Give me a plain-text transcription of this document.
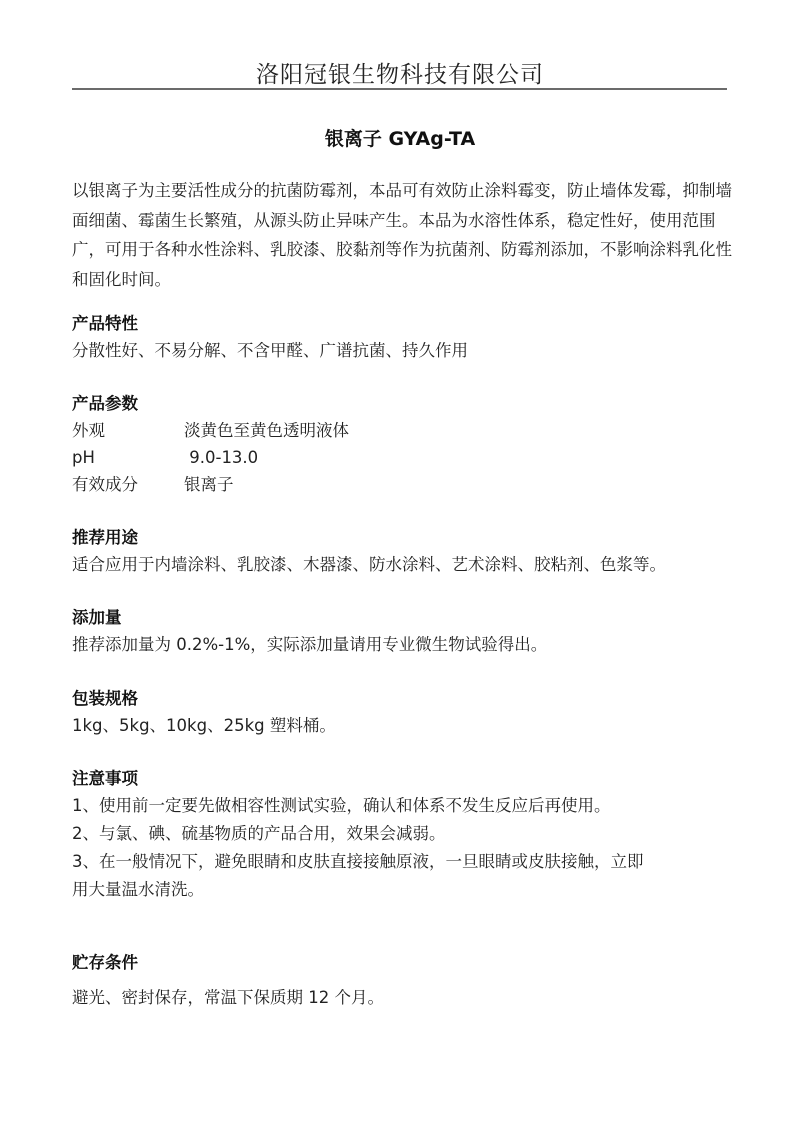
洛阳冠银生物科技有限公司
银离子 GYAg-TA
以银离子为主要活性成分的抗菌防霉剂，本品可有效防止涂料霉变，防止墙体发霉，抑制墙面细菌、霉菌生长繁殖，从源头防止异味产生。本品为水溶性体系，稳定性好，使用范围广，可用于各种水性涂料、乳胶漆、胶黏剂等作为抗菌剂、防霉剂添加，不影响涂料乳化性和固化时间。
产品特性
分散性好、不易分解、不含甲醛、广谱抗菌、持久作用
产品参数
外观	淡黄色至黄色透明液体
pH	9.0-13.0
有效成分	银离子
推荐用途
适合应用于内墙涂料、乳胶漆、木器漆、防水涂料、艺术涂料、胶粘剂、色浆等。
添加量
推荐添加量为 0.2%-1%，实际添加量请用专业微生物试验得出。
包装规格
1kg、5kg、10kg、25kg 塑料桶。
注意事项
1、使用前一定要先做相容性测试实验，确认和体系不发生反应后再使用。
2、与氯、碘、硫基物质的产品合用，效果会减弱。
3、在一般情况下，避免眼睛和皮肤直接接触原液，一旦眼睛或皮肤接触，立即
用大量温水清洗。
贮存条件
避光、密封保存，常温下保质期 12 个月。
